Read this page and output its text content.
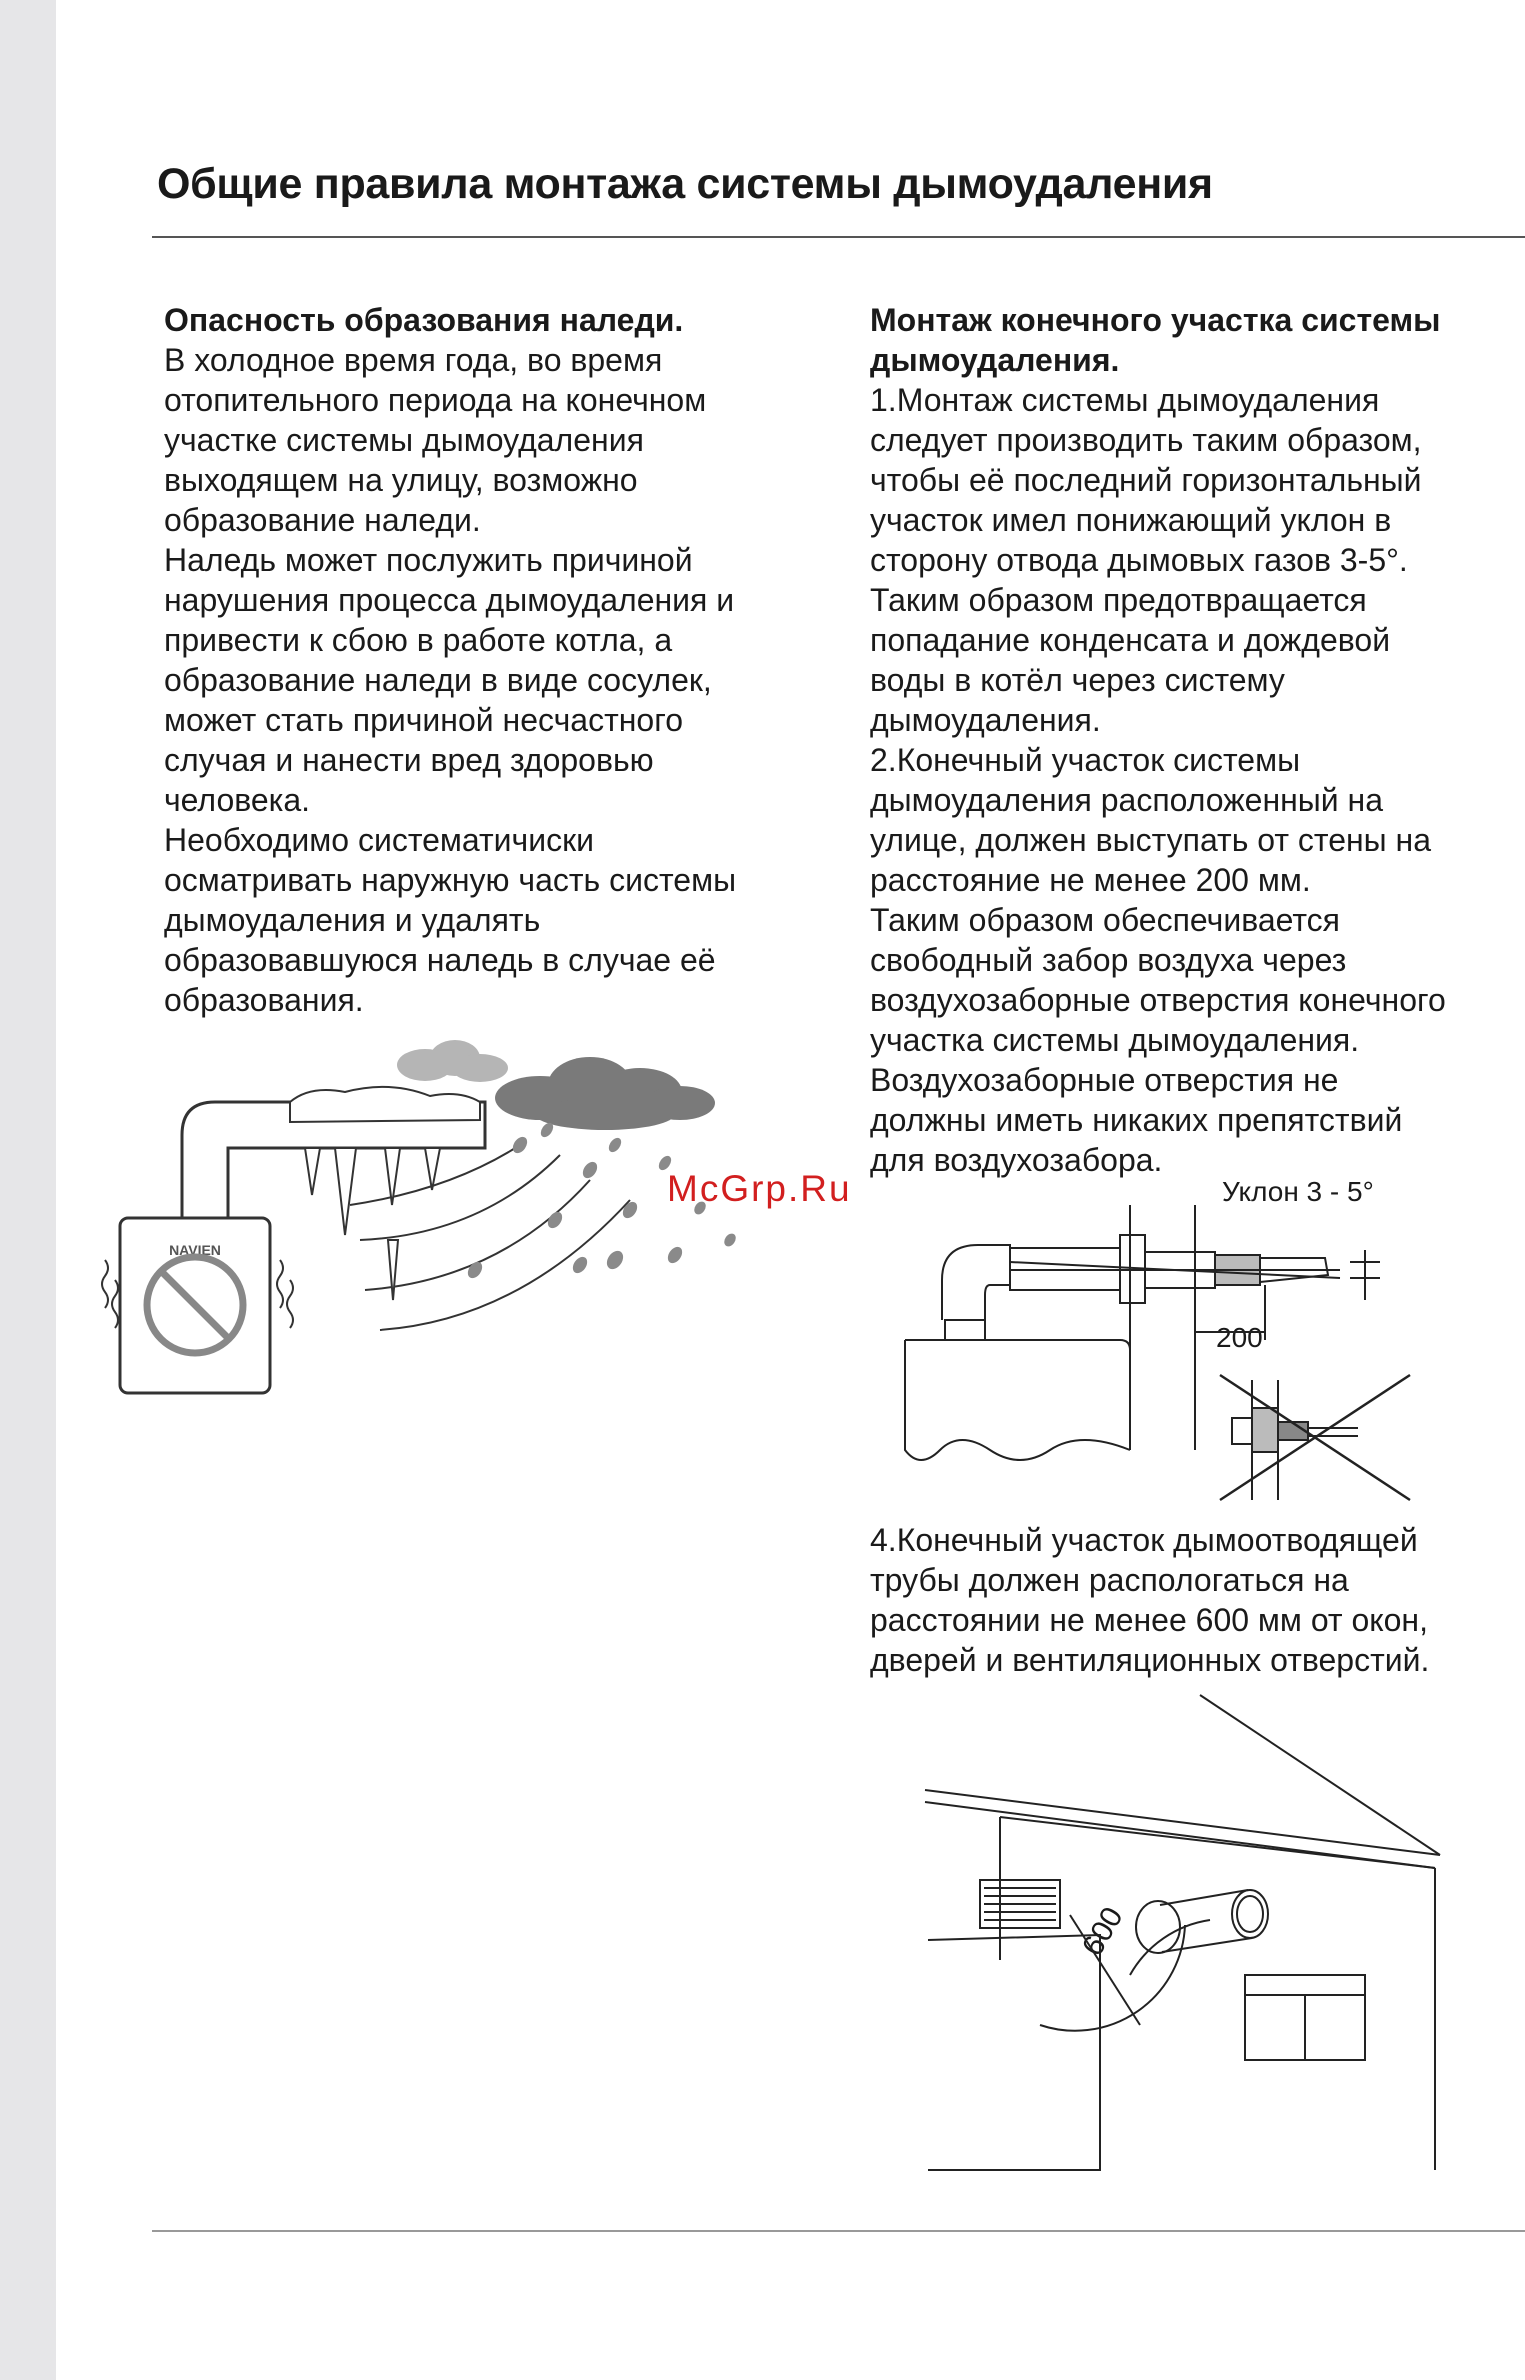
Общие правила монтажа системы дымоудаления
Опасность образования наледи.

В холодное время года, во время отопительного периода на конечном участке системы дымоудаления выходящем на улицу, возможно образование наледи.

Наледь может послужить причиной нарушения процесса дымоудаления и привести к сбою в работе котла, а образование наледи в виде сосулек, может стать причиной несчастного случая и нанести вред здоровью человека.

Необходимо систематичиски осматривать наружную часть системы дымоудаления и удалять образовавшуюся наледь в случае её образования.

NAVIEN
Монтаж конечного участка системы дымоудаления.

1.Монтаж системы дымоудаления следует производить таким образом, чтобы её последний горизонтальный участок имел понижающий уклон в сторону отвода дымовых газов 3-5°.

Таким образом предотвращается попадание конденсата и дождевой воды в котёл через систему дымоудаления.

2.Конечный участок системы дымоудаления расположенный на улице, должен выступать от стены на расстояние не менее 200 мм.

Таким образом обеспечивается свободный забор воздуха через воздухозаборные отверстия конечного участка системы дымоудаления.

Воздухозаборные отверстия не должны иметь никаких препятствий для воздухозабора.

McGrp.Ru	Уклон 3 - 5°
200

4.Конечный участок дымоотводящей трубы должен распологаться на расстоянии не менее 600 мм от окон, дверей и вентиляционных отверстий.

600
